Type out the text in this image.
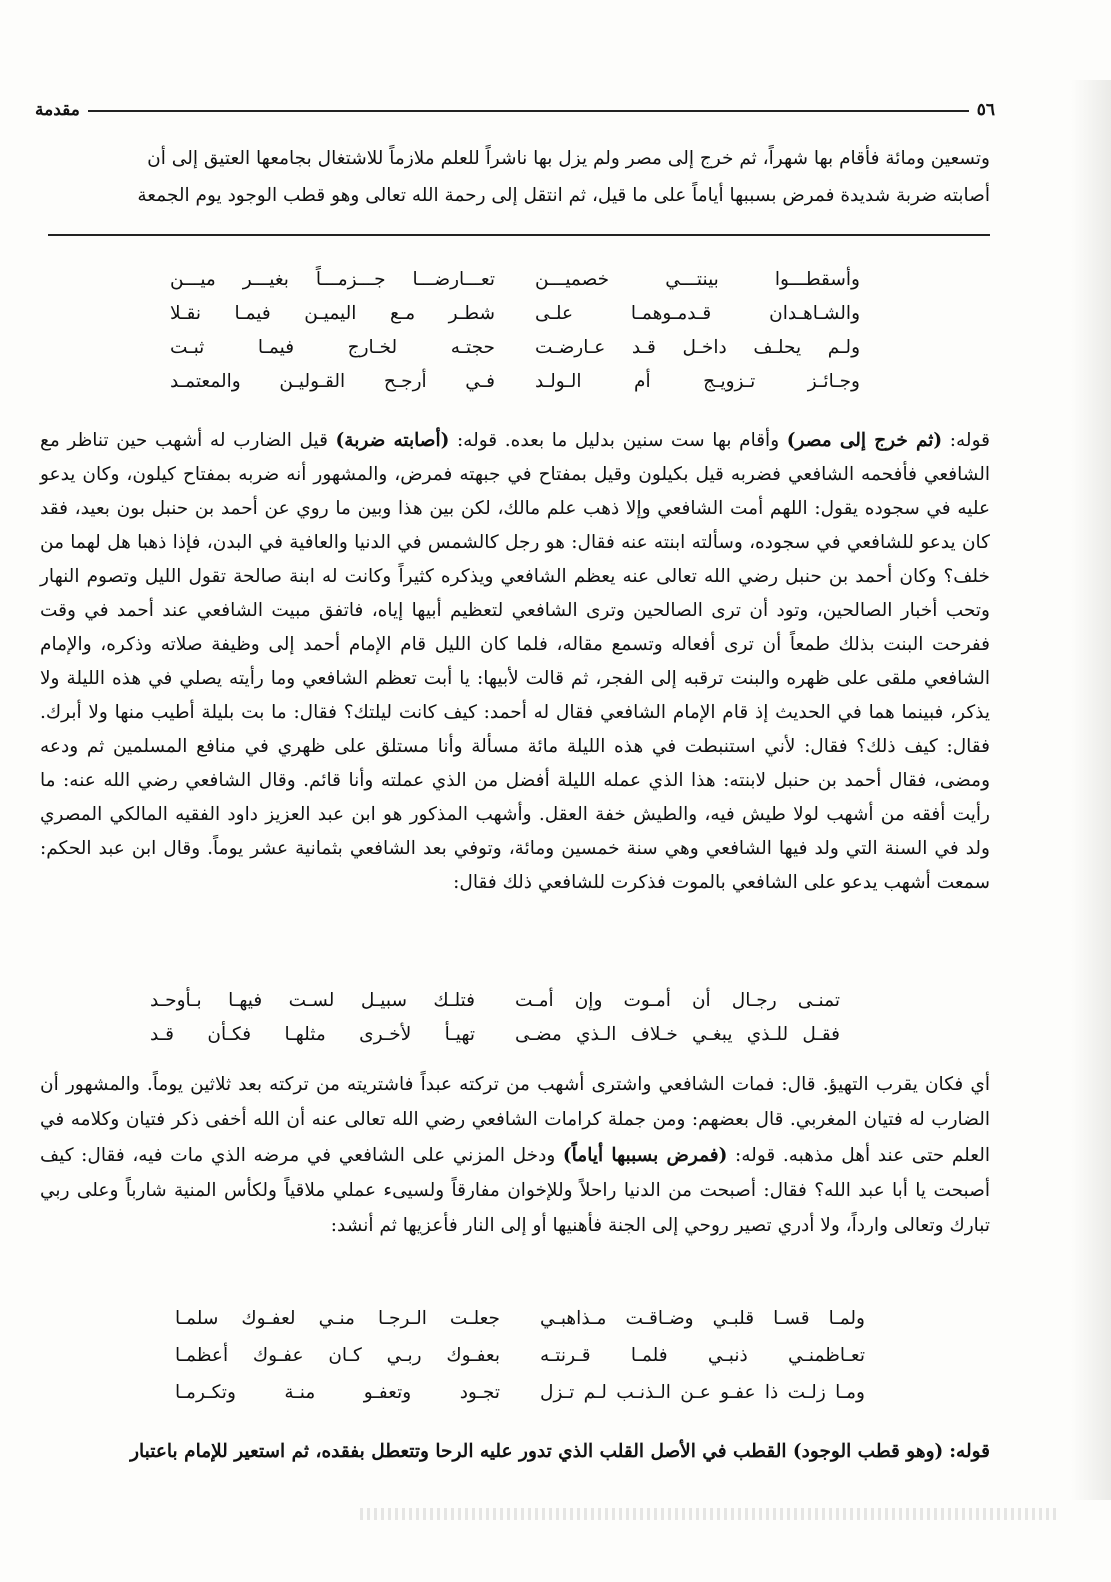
٥٦
مقدمة

وتسعين ومائة فأقام بها شهراً، ثم خرج إلى مصر ولم يزل بها ناشراً للعلم ملازماً للاشتغال بجامعها العتيق إلى أن

أصابته ضربة شديدة فمرض بسببها أياماً على ما قيل، ثم انتقل إلى رحمة الله تعالى وهو قطب الوجود يوم الجمعة

وأسقطـــوا بينتـــي خصميـــن
تعـــارضـــا جـــزمـــاً بغيـــر ميـــن
والشـاهـدان قـدمـوهمـا علـى
شطـر مـع اليميـن فيمـا نقـلا
ولـم يحلـف داخـل قـد عـارضـت
حجتـه لخـارج فيمـا ثبـت
وجـائـز تـزويـج أم الـولـد
فـي أرجـح القـوليـن والمعتمـد

قوله: (ثم خرج إلى مصر) وأقام بها ست سنين بدليل ما بعده. قوله: (أصابته ضربة) قيل الضارب له أشهب حين تناظر مع الشافعي فأفحمه الشافعي فضربه قيل بكيلون وقيل بمفتاح في جبهته فمرض، والمشهور أنه ضربه بمفتاح كيلون، وكان يدعو عليه في سجوده يقول: اللهم أمت الشافعي وإلا ذهب علم مالك، لكن بين هذا وبين ما روي عن أحمد بن حنبل بون بعيد، فقد كان يدعو للشافعي في سجوده، وسألته ابنته عنه فقال: هو رجل كالشمس في الدنيا والعافية في البدن، فإذا ذهبا هل لهما من خلف؟ وكان أحمد بن حنبل رضي الله تعالى عنه يعظم الشافعي ويذكره كثيراً وكانت له ابنة صالحة تقول الليل وتصوم النهار وتحب أخبار الصالحين، وتود أن ترى الصالحين وترى الشافعي لتعظيم أبيها إياه، فاتفق مبيت الشافعي عند أحمد في وقت ففرحت البنت بذلك طمعاً أن ترى أفعاله وتسمع مقاله، فلما كان الليل قام الإمام أحمد إلى وظيفة صلاته وذكره، والإمام الشافعي ملقى على ظهره والبنت ترقبه إلى الفجر، ثم قالت لأبيها: يا أبت تعظم الشافعي وما رأيته يصلي في هذه الليلة ولا يذكر، فبينما هما في الحديث إذ قام الإمام الشافعي فقال له أحمد: كيف كانت ليلتك؟ فقال: ما بت بليلة أطيب منها ولا أبرك. فقال: كيف ذلك؟ فقال: لأني استنبطت في هذه الليلة مائة مسألة وأنا مستلق على ظهري في منافع المسلمين ثم ودعه ومضى، فقال أحمد بن حنبل لابنته: هذا الذي عمله الليلة أفضل من الذي عملته وأنا قائم. وقال الشافعي رضي الله عنه: ما رأيت أفقه من أشهب لولا طيش فيه، والطيش خفة العقل. وأشهب المذكور هو ابن عبد العزيز داود الفقيه المالكي المصري ولد في السنة التي ولد فيها الشافعي وهي سنة خمسين ومائة، وتوفي بعد الشافعي بثمانية عشر يوماً. وقال ابن عبد الحكم: سمعت أشهب يدعو على الشافعي بالموت فذكرت للشافعي ذلك فقال:

تمنـى رجـال أن أمـوت وإن أمـت
فتلـك سبيـل لسـت فيهـا بـأوحـد
فقـل للـذي يبغـي خـلاف الـذي مضـى
تهيـأ لأخـرى مثلهـا فكـأن قـد

أي فكان يقرب التهيؤ. قال: فمات الشافعي واشترى أشهب من تركته عبداً فاشتريته من تركته بعد ثلاثين يوماً. والمشهور أن الضارب له فتيان المغربي. قال بعضهم: ومن جملة كرامات الشافعي رضي الله تعالى عنه أن الله أخفى ذكر فتيان وكلامه في العلم حتى عند أهل مذهبه. قوله: (فمرض بسببها أياماً) ودخل المزني على الشافعي في مرضه الذي مات فيه، فقال: كيف أصبحت يا أبا عبد الله؟ فقال: أصبحت من الدنيا راحلاً وللإخوان مفارقاً ولسيىء عملي ملاقياً ولكأس المنية شارباً وعلى ربي تبارك وتعالى وارداً، ولا أدري تصير روحي إلى الجنة فأهنيها أو إلى النار فأعزيها ثم أنشد:

ولمـا قسـا قلبـي وضـاقـت مـذاهبـي
جعلـت الـرجـا منـي لعفـوك سلمـا
تعـاظمنـي ذنبـي فلمـا قـرنتـه
بعفـوك ربـي كـان عفـوك أعظمـا
ومـا زلـت ذا عفـو عـن الـذنـب لـم تـزل
تجـود وتعفـو منـة وتكـرمـا

قوله: (وهو قطب الوجود) القطب في الأصل القلب الذي تدور عليه الرحا وتتعطل بفقده، ثم استعير للإمام باعتبار
